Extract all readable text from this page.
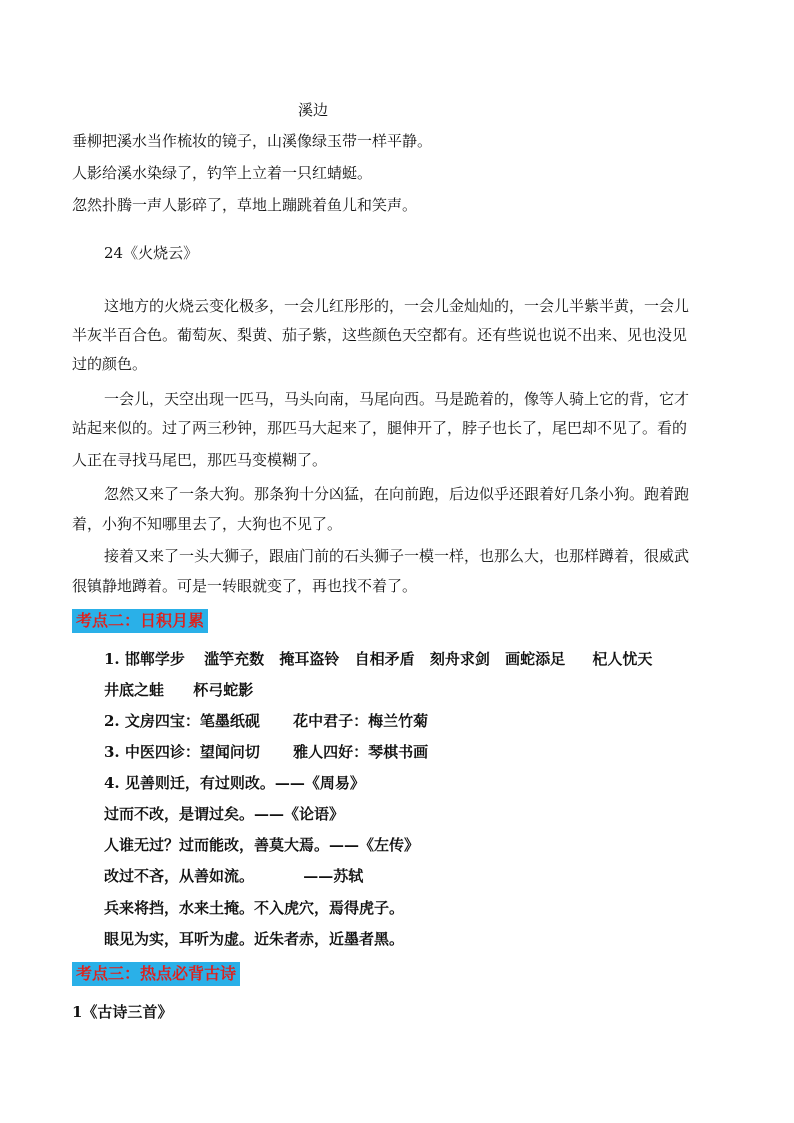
溪边
垂柳把溪水当作梳妆的镜子，山溪像绿玉带一样平静。
人影给溪水染绿了，钓竿上立着一只红蜻蜓。
忽然扑腾一声人影碎了，草地上蹦跳着鱼儿和笑声。
24《火烧云》
这地方的火烧云变化极多，一会儿红彤彤的，一会儿金灿灿的，一会儿半紫半黄，一会儿
半灰半百合色。葡萄灰、梨黄、茄子紫，这些颜色天空都有。还有些说也说不出来、见也没见
过的颜色。
一会儿，天空出现一匹马，马头向南，马尾向西。马是跪着的，像等人骑上它的背，它才
站起来似的。过了两三秒钟，那匹马大起来了，腿伸开了，脖子也长了，尾巴却不见了。看的
人正在寻找马尾巴，那匹马变模糊了。
忽然又来了一条大狗。那条狗十分凶猛，在向前跑，后边似乎还跟着好几条小狗。跑着跑
着，小狗不知哪里去了，大狗也不见了。
接着又来了一头大狮子，跟庙门前的石头狮子一模一样，也那么大，也那样蹲着，很威武
很镇静地蹲着。可是一转眼就变了，再也找不着了。
考点二：日积月累
1. 邯郸学步 滥竽充数 掩耳盗铃 自相矛盾 刻舟求剑 画蛇添足 杞人忧天
井底之蛙 杯弓蛇影
2. 文房四宝：笔墨纸砚 花中君子：梅兰竹菊
3. 中医四诊：望闻问切 雅人四好：琴棋书画
4. 见善则迁，有过则改。——《周易》
过而不改，是谓过矣。——《论语》
人谁无过？过而能改，善莫大焉。——《左传》
改过不吝，从善如流。	——苏轼
兵来将挡，水来土掩。不入虎穴，焉得虎子。
眼见为实，耳听为虚。近朱者赤，近墨者黑。
考点三：热点必背古诗
1《古诗三首》
